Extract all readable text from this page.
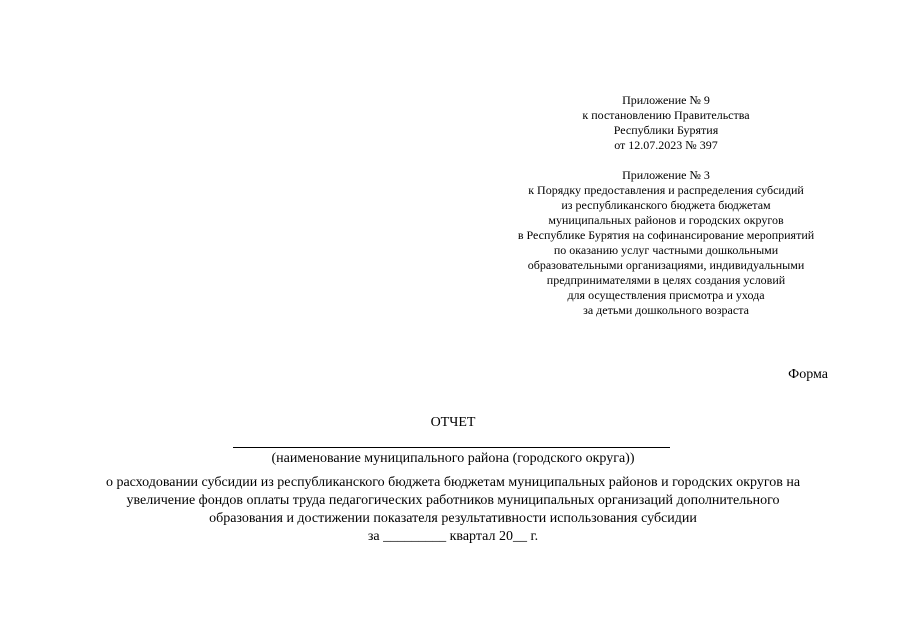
Приложение № 9
к постановлению Правительства
Республики Бурятия
от 12.07.2023 № 397
Приложение № 3
к Порядку предоставления и распределения субсидий
из республиканского бюджета бюджетам
муниципальных районов и городских округов
в Республике Бурятия на софинансирование мероприятий
по оказанию услуг частными дошкольными
образовательными организациями, индивидуальными
предпринимателями в целях создания условий
для осуществления присмотра и ухода
за детьми дошкольного возраста
Форма
ОТЧЕТ
(наименование муниципального района (городского округа))
о расходовании субсидии из республиканского бюджета бюджетам муниципальных районов и городских округов на
увеличение фондов оплаты труда педагогических работников муниципальных организаций дополнительного
образования и достижении показателя результативности использования субсидии
за _________ квартал 20__ г.
